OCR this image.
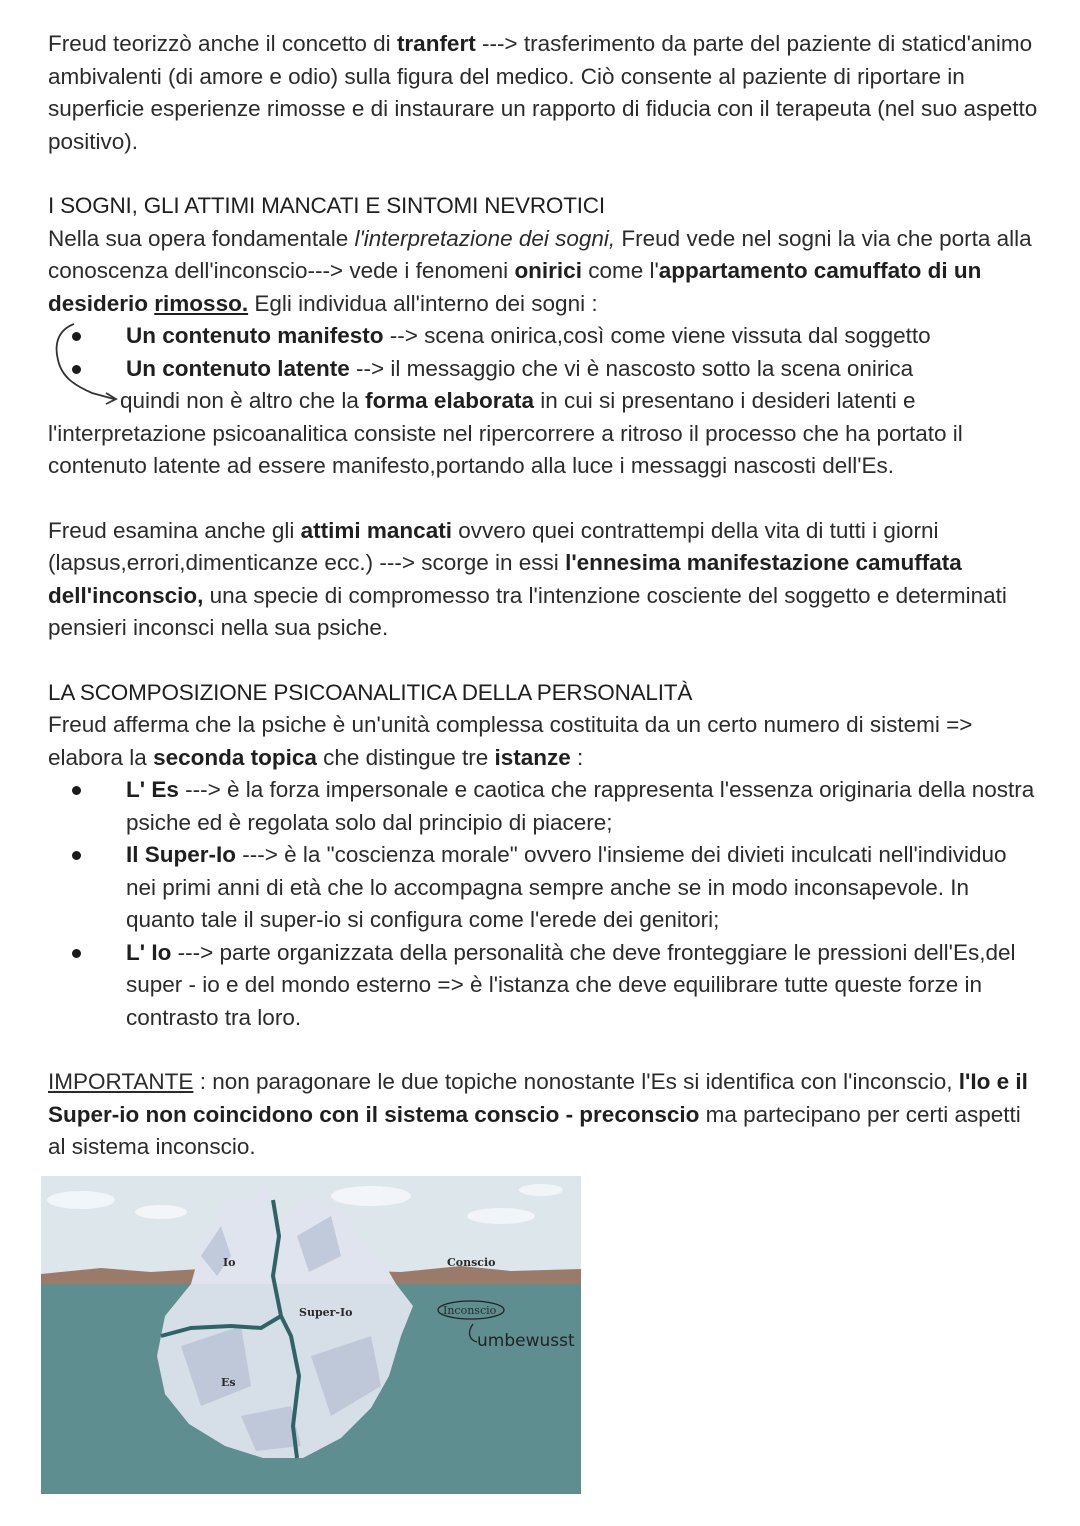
Freud teorizzò anche il concetto di tranfert ---> trasferimento da parte del paziente di staticd'animo ambivalenti (di amore e odio) sulla figura del medico. Ciò consente al paziente di riportare in superficie esperienze rimosse e di instaurare un rapporto di fiducia con il terapeuta (nel suo aspetto positivo).

I SOGNI, GLI ATTIMI MANCATI E SINTOMI NEVROTICI

Nella sua opera fondamentale l'interpretazione dei sogni, Freud vede nel sogni la via che porta alla conoscenza dell'inconscio---> vede i fenomeni onirici come l'appartamento camuffato di un desiderio rimosso. Egli individua all'interno dei sogni :

Un contenuto manifesto --> scena onirica,così come viene vissuta dal soggetto
Un contenuto latente --> il messaggio che vi è nascosto sotto la scena onirica

quindi non è altro che la forma elaborata in cui si presentano i desideri latenti e

l'interpretazione psicoanalitica consiste nel ripercorrere a ritroso il processo che ha portato il contenuto latente ad essere manifesto,portando alla luce i messaggi nascosti dell'Es.

Freud esamina anche gli attimi mancati ovvero quei contrattempi della vita di tutti i giorni (lapsus,errori,dimenticanze ecc.) ---> scorge in essi l'ennesima manifestazione camuffata dell'inconscio, una specie di compromesso tra l'intenzione cosciente del soggetto e determinati pensieri inconsci nella sua psiche.

LA SCOMPOSIZIONE PSICOANALITICA DELLA PERSONALITÀ

Freud afferma che la psiche è un'unità complessa costituita da un certo numero di sistemi => elabora la seconda topica che distingue tre istanze :

L' Es ---> è la forza impersonale e caotica che rappresenta l'essenza originaria della nostra psiche ed è regolata solo dal principio di piacere;
Il Super-Io ---> è la "coscienza morale" ovvero l'insieme dei divieti inculcati nell'individuo nei primi anni di età che lo accompagna sempre anche se in modo inconsapevole. In quanto tale il super-io si configura come l'erede dei genitori;
L' Io ---> parte organizzata della personalità che deve fronteggiare le pressioni dell'Es,del super - io e del mondo esterno => è l'istanza che deve equilibrare tutte queste forze in contrasto tra loro.

IMPORTANTE : non paragonare le due topiche nonostante l'Es si identifica con l'inconscio, l'Io e il Super-io non coincidono con il sistema conscio - preconscio ma partecipano per certi aspetti al sistema inconscio.

Io
Super-Io
Es
Conscio
Inconscio
umbewusst
